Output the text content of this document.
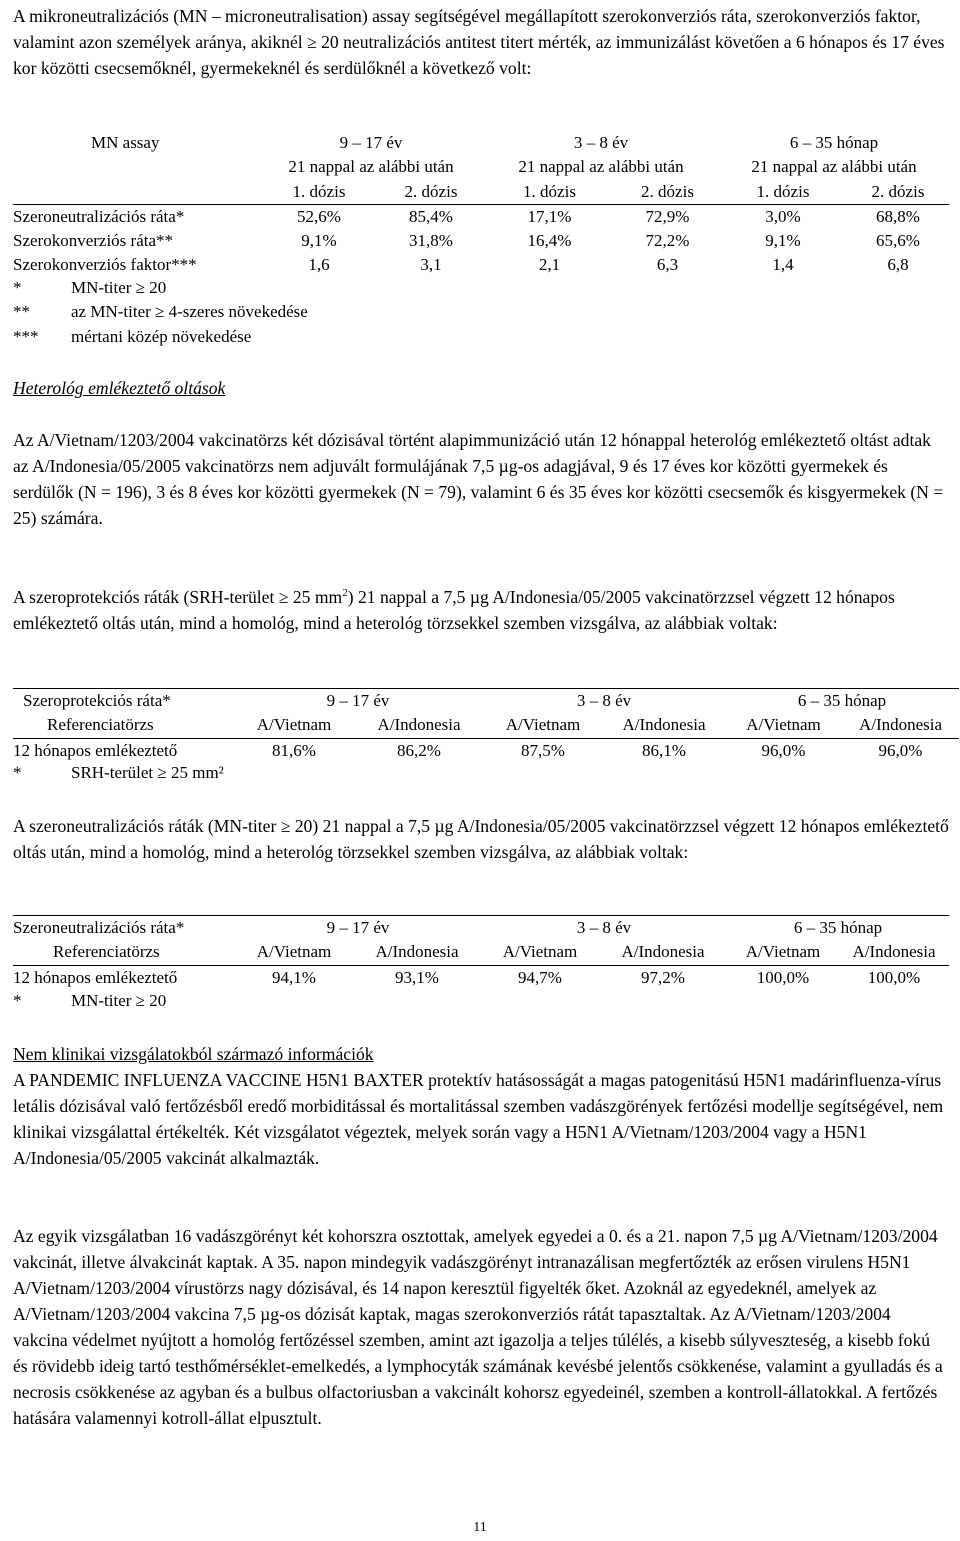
A mikroneutralizációs (MN – microneutralisation) assay segítségével megállapított szerokonverziós ráta, szerokonverziós faktor, valamint azon személyek aránya, akiknél ≥ 20 neutralizációs antitest titert mérték, az immunizálást követően a 6 hónapos és 17 éves kor közötti csecsemőknél, gyermekeknél és serdülőknél a következő volt:

MN assay	9 – 17 év		3 – 8 év		6 – 35 hónap	
	21 nappal az alábbi után		21 nappal az alábbi után		21 nappal az alábbi után	
	1. dózis	2. dózis	1. dózis	2. dózis	1. dózis	2. dózis
Szeroneutralizációs ráta*	52,6%	85,4%	17,1%	72,9%	3,0%	68,8%
Szerokonverziós ráta**	9,1%	31,8%	16,4%	72,2%	9,1%	65,6%
Szerokonverziós faktor***	1,6	3,1	2,1	6,3	1,4	6,8
*	MN-titer ≥ 20
**	az MN-titer ≥ 4-szeres növekedése
***	mértani közép növekedése

Heterológ emlékeztető oltások

Az A/Vietnam/1203/2004 vakcinatörzs két dózisával történt alapimmunizáció után 12 hónappal heterológ emlékeztető oltást adtak az A/Indonesia/05/2005 vakcinatörzs nem adjuvált formulájának 7,5 µg-os adagjával, 9 és 17 éves kor közötti gyermekek és serdülők (N = 196), 3 és 8 éves kor közötti gyermekek (N = 79), valamint 6 és 35 éves kor közötti csecsemők és kisgyermekek (N = 25) számára.

A szeroprotekciós ráták (SRH-terület ≥ 25 $mm^2$) 21 nappal a 7,5 µg A/Indonesia/05/2005 vakcinatörzzsel végzett 12 hónapos emlékeztető oltás után, mind a homológ, mind a heterológ törzsekkel szemben vizsgálva, az alábbiak voltak:

Szeroprotekciós ráta*	9 – 17 év		3 – 8 év		6 – 35 hónap	
Referenciatörzs	A/Vietnam	A/Indonesia	A/Vietnam	A/Indonesia	A/Vietnam	A/Indonesia
12 hónapos emlékeztető	81,6%	86,2%	87,5%	86,1%	96,0%	96,0%
*	SRH-terület ≥ 25 mm²

A szeroneutralizációs ráták (MN-titer ≥ 20) 21 nappal a 7,5 µg A/Indonesia/05/2005 vakcinatörzzsel végzett 12 hónapos emlékeztető oltás után, mind a homológ, mind a heterológ törzsekkel szemben vizsgálva, az alábbiak voltak:

Szeroneutralizációs ráta*	9 – 17 év		3 – 8 év		6 – 35 hónap	
Referenciatörzs	A/Vietnam	A/Indonesia	A/Vietnam	A/Indonesia	A/Vietnam	A/Indonesia
12 hónapos emlékeztető	94,1%	93,1%	94,7%	97,2%	100,0%	100,0%
*	MN-titer ≥ 20

Nem klinikai vizsgálatokból származó információk

A PANDEMIC INFLUENZA VACCINE H5N1 BAXTER protektív hatásosságát a magas patogenitású H5N1 madárinfluenza-vírus letális dózisával való fertőzésből eredő morbiditással és mortalitással szemben vadászgörények fertőzési modellje segítségével, nem klinikai vizsgálattal értékelték. Két vizsgálatot végeztek, melyek során vagy a H5N1 A/Vietnam/1203/2004 vagy a H5N1 A/Indonesia/05/2005 vakcinát alkalmazták.

Az egyik vizsgálatban 16 vadászgörényt két kohorszra osztottak, amelyek egyedei a 0. és a 21. napon 7,5 µg A/Vietnam/1203/2004 vakcinát, illetve álvakcinát kaptak. A 35. napon mindegyik vadászgörényt intranazálisan megfertőzték az erősen virulens H5N1 A/Vietnam/1203/2004 vírustörzs nagy dózisával, és 14 napon keresztül figyelték őket. Azoknál az egyedeknél, amelyek az A/Vietnam/1203/2004 vakcina 7,5 µg-os dózisát kaptak, magas szerokonverziós rátát tapasztaltak. Az A/Vietnam/1203/2004 vakcina védelmet nyújtott a homológ fertőzéssel szemben, amint azt igazolja a teljes túlélés, a kisebb súlyveszteség, a kisebb fokú és rövidebb ideig tartó testhőmérséklet-emelkedés, a lymphocyták számának kevésbé jelentős csökkenése, valamint a gyulladás és a necrosis csökkenése az agyban és a bulbus olfactoriusban a vakcinált kohorsz egyedeinél, szemben a kontroll-állatokkal. A fertőzés hatására valamennyi kotroll-állat elpusztult.

11
